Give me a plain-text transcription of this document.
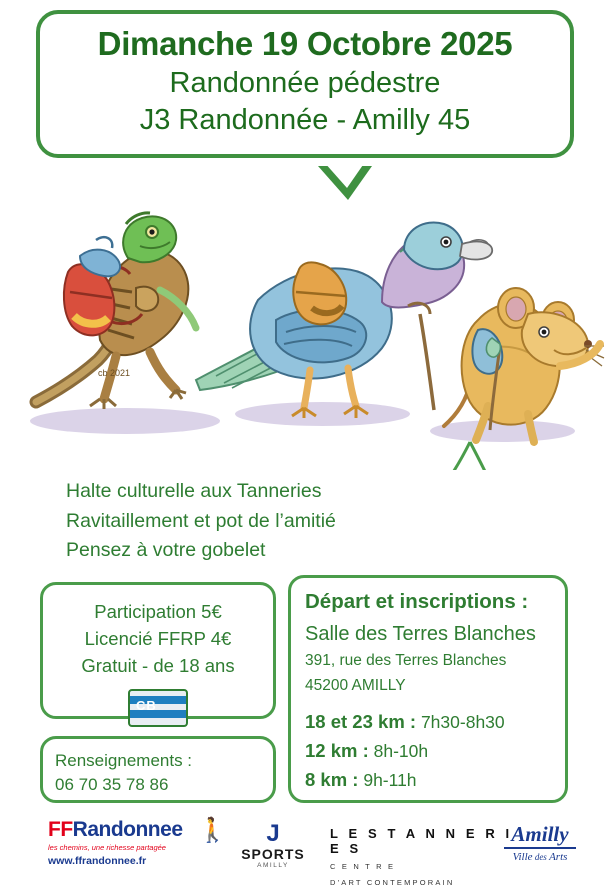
Dimanche 19 Octobre 2025
Randonnée pédestre
J3 Randonnée - Amilly 45
cb 2021
Halte culturelle aux Tanneries
Ravitaillement et pot de l’amitié
Pensez à votre gobelet
Participation 5€
Licencié FFRP 4€
Gratuit - de 18 ans
CB
Départ et inscriptions :
Salle des Terres Blanches
391, rue des Terres Blanches
45200 AMILLY
18 et 23 km : 7h30-8h30
12 km : 8h-10h
8 km : 9h-11h
Renseignements :
06 70 35 78 86
FFRandonnee 🚶
les chemins, une richesse partagée
www.ffrandonnee.fr
J
SPORTS
AMILLY
L E S T A N N E R I E S
C E N T R E
D'ART CONTEMPORAIN
Amilly
Ville des Arts
